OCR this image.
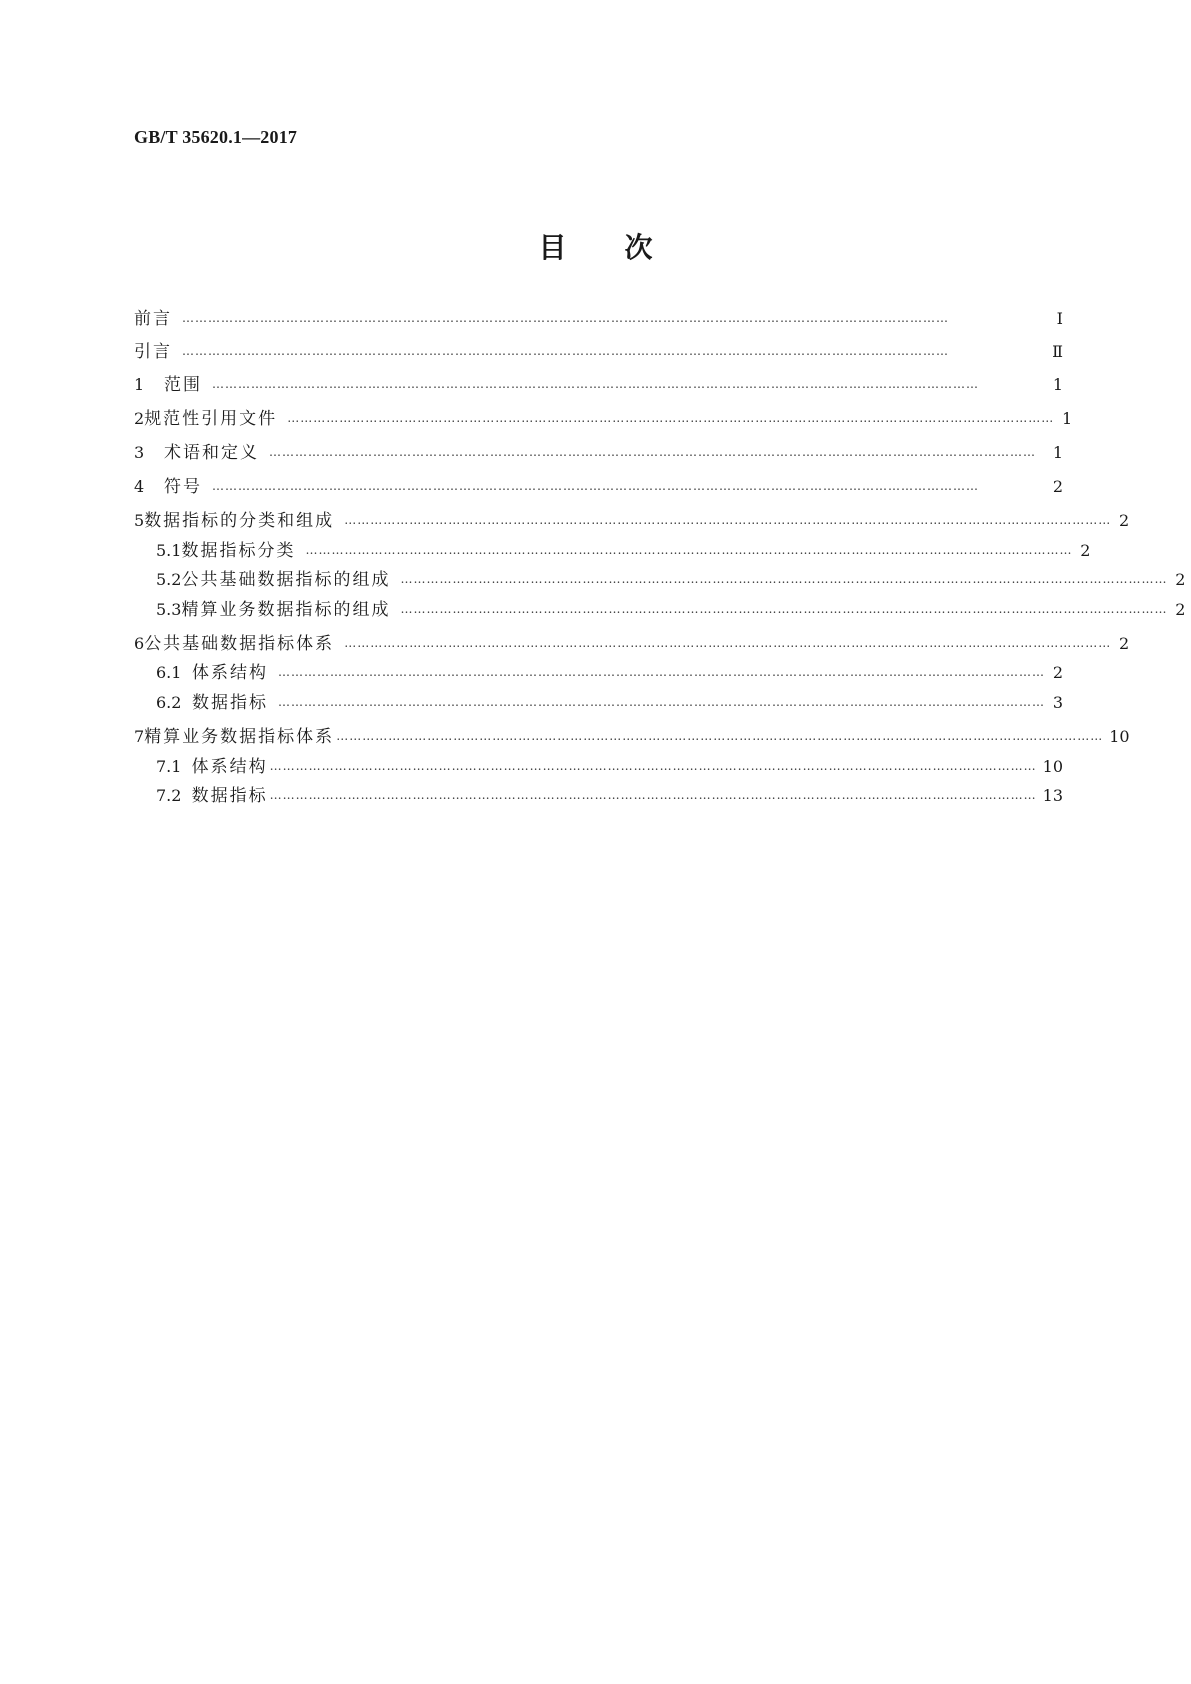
GB/T 35620.1—2017
目次
前言 ……………………………………………………………………………………………………………………………………………………………	Ⅰ
引言 ……………………………………………………………………………………………………………………………………………………………	Ⅱ
1	范围 ……………………………………………………………………………………………………………………………………………………………	1
2 规范性引用文件 …………………………………………………………………………………………………………………………………………………………… 1
3	术语和定义 ……………………………………………………………………………………………………………………………………………………………	1
4	符号 ……………………………………………………………………………………………………………………………………………………………	2
5 数据指标的分类和组成 …………………………………………………………………………………………………………………………………………………………… 2
5.1 数据指标分类 …………………………………………………………………………………………………………………………………………………………… 2
5.2 公共基础数据指标的组成 …………………………………………………………………………………………………………………………………………………………… 2
5.3 精算业务数据指标的组成 …………………………………………………………………………………………………………………………………………………………… 2
6 公共基础数据指标体系 …………………………………………………………………………………………………………………………………………………………… 2
6.1 体系结构 …………………………………………………………………………………………………………………………………………………………… 2
6.2 数据指标 …………………………………………………………………………………………………………………………………………………………… 3
7 精算业务数据指标体系 …………………………………………………………………………………………………………………………………………………………… 10
7.1 体系结构 …………………………………………………………………………………………………………………………………………………………… 10
7.2 数据指标 …………………………………………………………………………………………………………………………………………………………… 13
